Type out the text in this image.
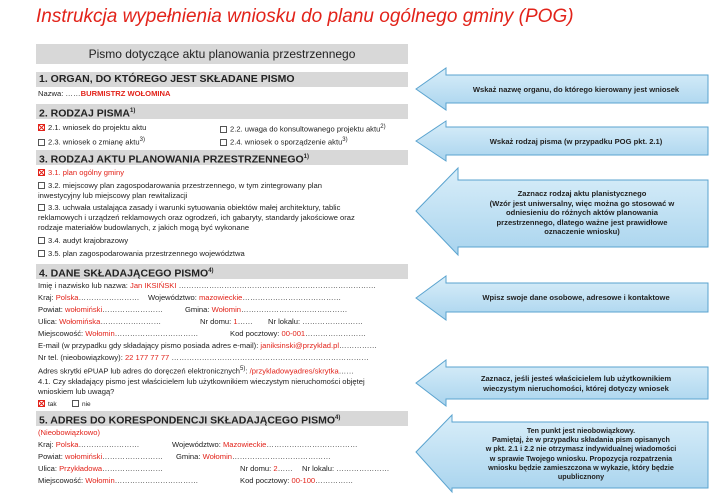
Instrukcja wypełnienia wniosku do planu ogólnego gminy (POG)
Pismo dotyczące aktu planowania przestrzennego
1. ORGAN, DO KTÓREGO JEST SKŁADANE PISMO
Nazwa: ……BURMISTRZ WOŁOMINA
2. RODZAJ PISMA$^{1)}$
2.1. wniosek do projektu aktu	2.2. uwaga do konsultowanego projektu aktu$^{2)}$
2.3. wniosek o zmianę aktu$^{3)}$	2.4. wniosek o sporządzenie aktu$^{3)}$
3. RODZAJ AKTU PLANOWANIA PRZESTRZENNEGO$^{1)}$
3.1. plan ogólny gminy
3.2. miejscowy plan zagospodarowania przestrzennego, w tym zintegrowany plan
inwestycyjny lub miejscowy plan rewitalizacji
3.3. uchwała ustalająca zasady i warunki sytuowania obiektów małej architektury, tablic
reklamowych i urządzeń reklamowych oraz ogrodzeń, ich gabaryty, standardy jakościowe oraz
rodzaje materiałów budowlanych, z jakich mogą być wykonane
3.4. audyt krajobrazowy
3.5. plan zagospodarowania przestrzennego województwa
4. DANE SKŁADAJĄCEGO PISMO$^{4)}$
Imię i nazwisko lub nazwa: Jan IKSIŃSKI ……………………………………………………………………
Kraj: Polska…………………… Województwo: mazowieckie…………………………………
Powiat: wołomiński……………………	Gmina: Wołomin……………………………………
Ulica: Wołomińska……………………	Nr domu: 1…… Nr lokalu: ……………………
Miejscowość: Wołomin……………………………	Kod pocztowy: 00-001……………………
E-mail (w przypadku gdy składający pismo posiada adres e-mail): janiksinski@przyklad.pl……………
Nr tel. (nieobowiązkowy): 22 177 77 77 ……………………………………………………………………
Adres skrytki ePUAP lub adres do doręczeń elektronicznych$^{5)}$: /przykladowyadres/skrytka……
4.1. Czy składający pismo jest właścicielem lub użytkownikiem wieczystym nieruchomości objętej
wnioskiem lub uwagą?
tak	nie
5. ADRES DO KORESPONDENCJI SKŁADAJĄCEGO PISMO$^{4)}$
(Nieobowiązkowo)
Kraj: Polska……………………	Województwo: Mazowieckie………………………………
Powiat: wołomiński…………………… Gmina: Wołomin…………………………………
Ulica: Przykładowa……………………	Nr domu: 2…… Nr lokalu: …………………
Miejscowość: Wołomin……………………………	Kod pocztowy: 00-100……………
Wskaż nazwę organu, do którego kierowany jest wniosek
Wskaż rodzaj pisma (w przypadku POG pkt. 2.1)
Zaznacz rodzaj aktu planistycznego
(Wzór jest uniwersalny, więc można go stosować w
odniesieniu do różnych aktów planowania
przestrzennego, dlatego ważne jest prawidłowe
oznaczenie wniosku)
Wpisz swoje dane osobowe, adresowe i kontaktowe
Zaznacz, jeśli jesteś właścicielem lub użytkownikiem
wieczystym nieruchomości, której dotyczy wniosek
Ten punkt jest nieobowiązkowy.
Pamiętaj, że w przypadku składania pism opisanych
w pkt. 2.1 i 2.2 nie otrzymasz indywidualnej wiadomości
w sprawie Twojego wniosku. Propozycja rozpatrzenia
wniosku będzie zamieszczona w wykazie, który będzie
upublicznony
